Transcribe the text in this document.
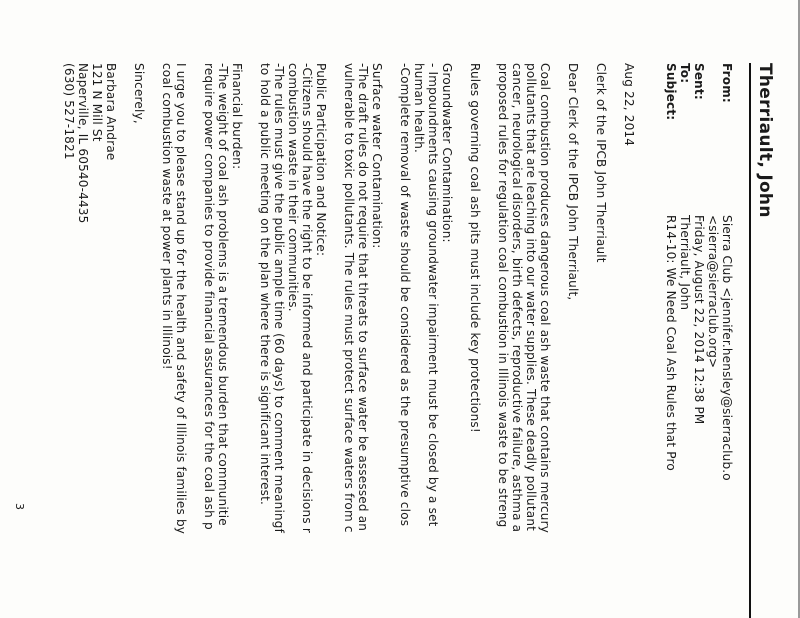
Therriault, John
From:
Sierra Club <jennifer.hensley@sierraclub.o
<sierra@sierraclub.org>
Sent:
Friday, August 22, 2014 12:38 PM
To:
Therriault, John
Subject:
R14-10: We Need Coal Ash Rules that Pro
Aug 22, 2014
Clerk of the IPCB John Therriault
Dear Clerk of the IPCB John Therriault,
Coal combustion produces dangerous coal ash waste that contains mercury
pollutants that are leaching into our water supplies. These deadly pollutant
cancer, neurological disorders, birth defects, reproductive failure, asthma a
proposed rules for regulation coal combustion in Illinois waste to be streng
Rules governing coal ash pits must include key protections!
Groundwater Contamination:
- Impoundments causing groundwater impairment must be closed by a set
human health.
-Complete removal of waste should be considered as the presumptive clos
Surface water Contamination:
-The draft rules do not require that threats to surface water be assessed an
vulnerable to toxic pollutants. The rules must protect surface waters from c
Public Participation and Notice:
-Citizens should have the right to be informed and participate in decisions r
combustion waste in their communities.
-The rules must give the public ample time (60 days) to comment meaningf
to hold a public meeting on the plan where there is significant interest.
Financial burden:
-The weight of coal ash problems is a tremendous burden that communitie
require power companies to provide financial assurances for the coal ash p
I urge you to please stand up for the health and safety of Illinois families by
coal combustion waste at power plants in Illinois!
Sincerely,
Barbara Andrae
121 N Mill St
Naperville, IL 60540-4435
(630) 527-1821
3
